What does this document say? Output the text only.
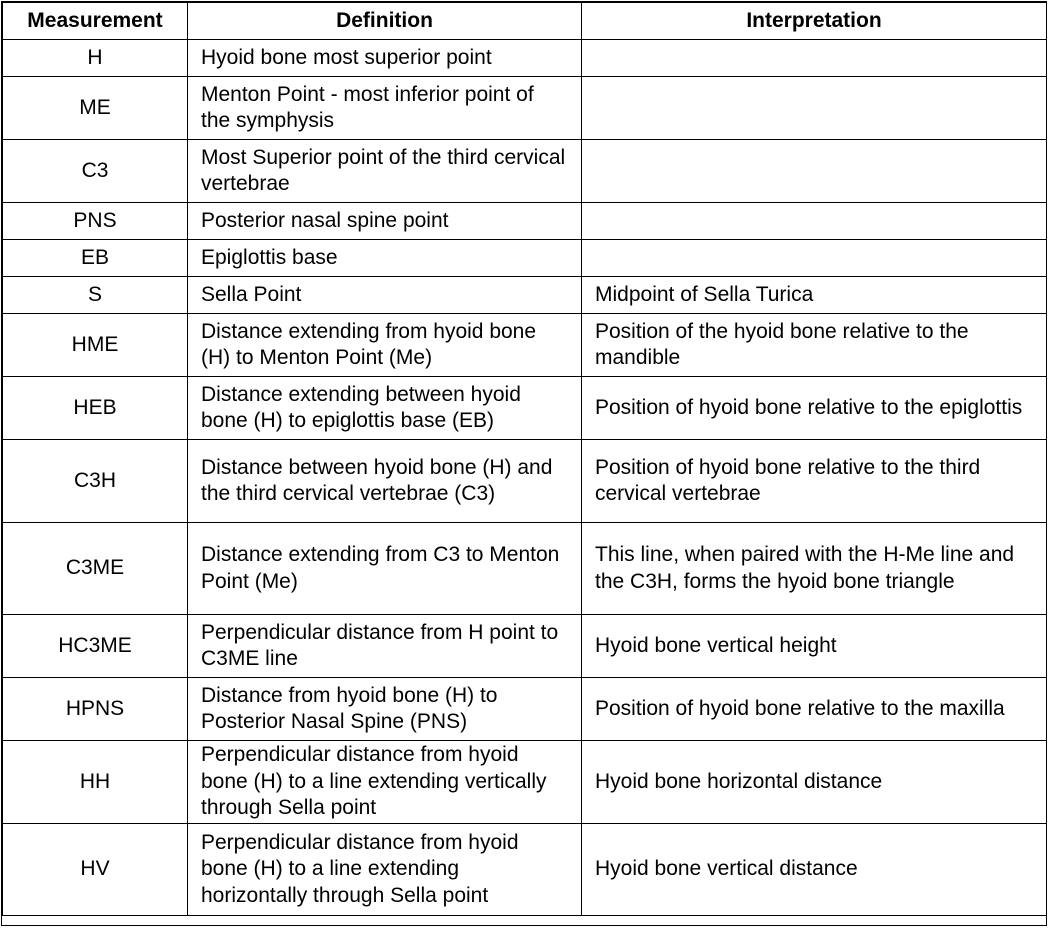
Measurement	Definition	Interpretation
H	Hyoid bone most superior point	
ME	Menton Point - most inferior point of the symphysis	
C3	Most Superior point of the third cervical vertebrae	
PNS	Posterior nasal spine point	
EB	Epiglottis base	
S	Sella Point	Midpoint of Sella Turica
HME	Distance extending from hyoid bone (H) to Menton Point (Me)	Position of the hyoid bone relative to the mandible
HEB	Distance extending between hyoid bone (H) to epiglottis base (EB)	Position of hyoid bone relative to the epiglottis
C3H	Distance between hyoid bone (H) and the third cervical vertebrae (C3)	Position of hyoid bone relative to the third cervical vertebrae
C3ME	Distance extending from C3 to Menton Point (Me)	This line, when paired with the H-Me line and the C3H, forms the hyoid bone triangle
HC3ME	Perpendicular distance from H point to C3ME line	Hyoid bone vertical height
HPNS	Distance from hyoid bone (H) to Posterior Nasal Spine (PNS)	Position of hyoid bone relative to the maxilla
HH	Perpendicular distance from hyoid bone (H) to a line extending vertically through Sella point	Hyoid bone horizontal distance
HV	Perpendicular distance from hyoid bone (H) to a line extending horizontally through Sella point	Hyoid bone vertical distance
